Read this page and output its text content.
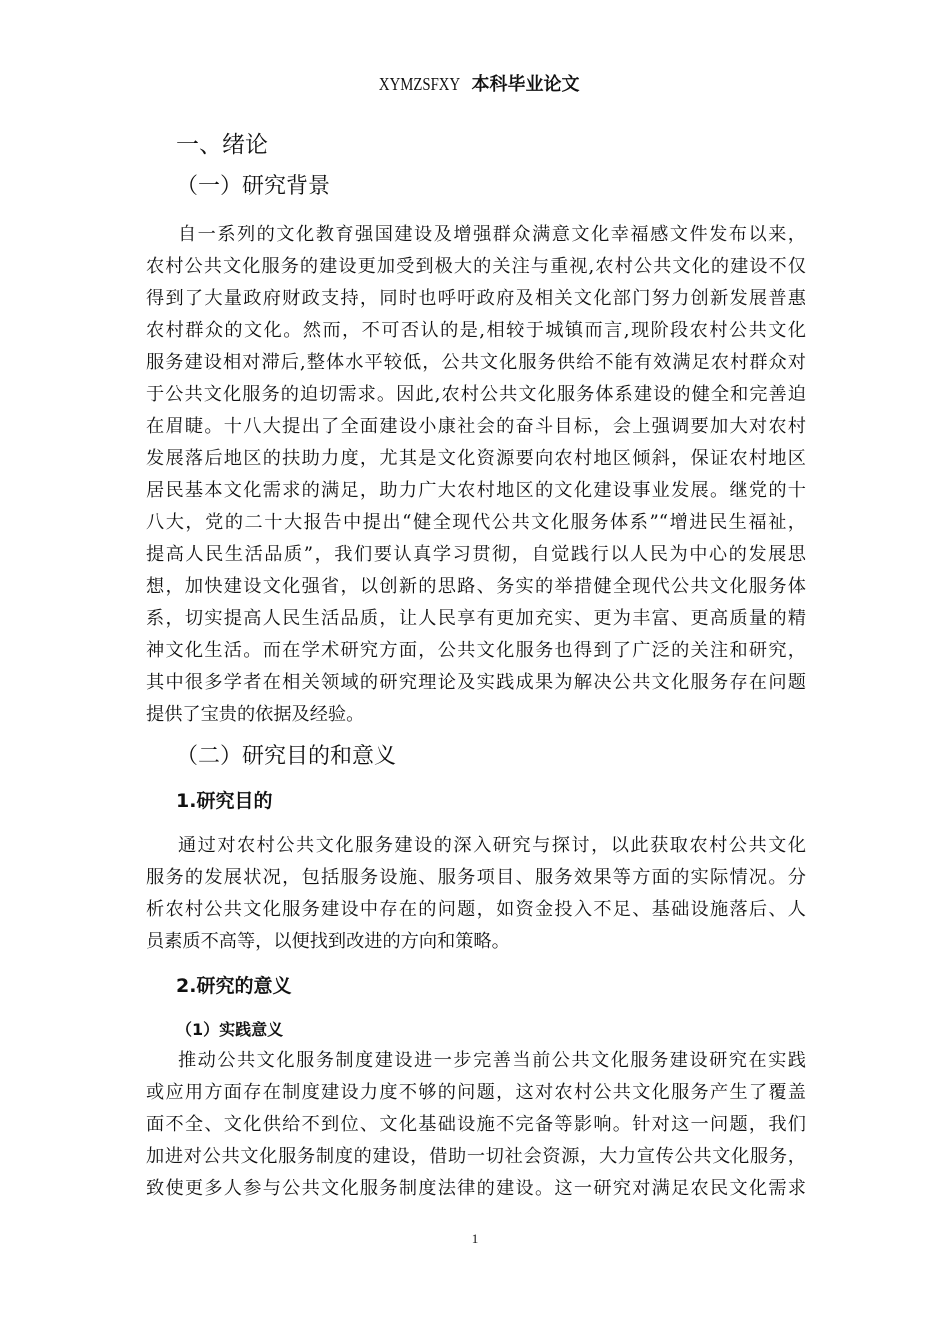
XYMZSFXY 本科毕业论文
一、绪论
（一）研究背景
自一系列的文化教育强国建设及增强群众满意文化幸福感文件发布以来，
农村公共文化服务的建设更加受到极大的关注与重视,农村公共文化的建设不仅
得到了大量政府财政支持，同时也呼吁政府及相关文化部门努力创新发展普惠
农村群众的文化。然而，不可否认的是,相较于城镇而言,现阶段农村公共文化
服务建设相对滞后,整体水平较低，公共文化服务供给不能有效满足农村群众对
于公共文化服务的迫切需求。因此,农村公共文化服务体系建设的健全和完善迫
在眉睫。十八大提出了全面建设小康社会的奋斗目标，会上强调要加大对农村
发展落后地区的扶助力度，尤其是文化资源要向农村地区倾斜，保证农村地区
居民基本文化需求的满足，助力广大农村地区的文化建设事业发展。继党的十
八大，党的二十大报告中提出“健全现代公共文化服务体系”“增进民生福祉，
提高人民生活品质”，我们要认真学习贯彻，自觉践行以人民为中心的发展思
想，加快建设文化强省，以创新的思路、务实的举措健全现代公共文化服务体
系，切实提高人民生活品质，让人民享有更加充实、更为丰富、更高质量的精
神文化生活。而在学术研究方面，公共文化服务也得到了广泛的关注和研究，
其中很多学者在相关领域的研究理论及实践成果为解决公共文化服务存在问题
提供了宝贵的依据及经验。
（二）研究目的和意义
1.研究目的
通过对农村公共文化服务建设的深入研究与探讨，以此获取农村公共文化
服务的发展状况，包括服务设施、服务项目、服务效果等方面的实际情况。分
析农村公共文化服务建设中存在的问题，如资金投入不足、基础设施落后、人
员素质不高等，以便找到改进的方向和策略。
2.研究的意义
（1）实践意义
推动公共文化服务制度建设进一步完善当前公共文化服务建设研究在实践
或应用方面存在制度建设力度不够的问题，这对农村公共文化服务产生了覆盖
面不全、文化供给不到位、文化基础设施不完备等影响。针对这一问题，我们
加进对公共文化服务制度的建设，借助一切社会资源，大力宣传公共文化服务，
致使更多人参与公共文化服务制度法律的建设。这一研究对满足农民文化需求
1
